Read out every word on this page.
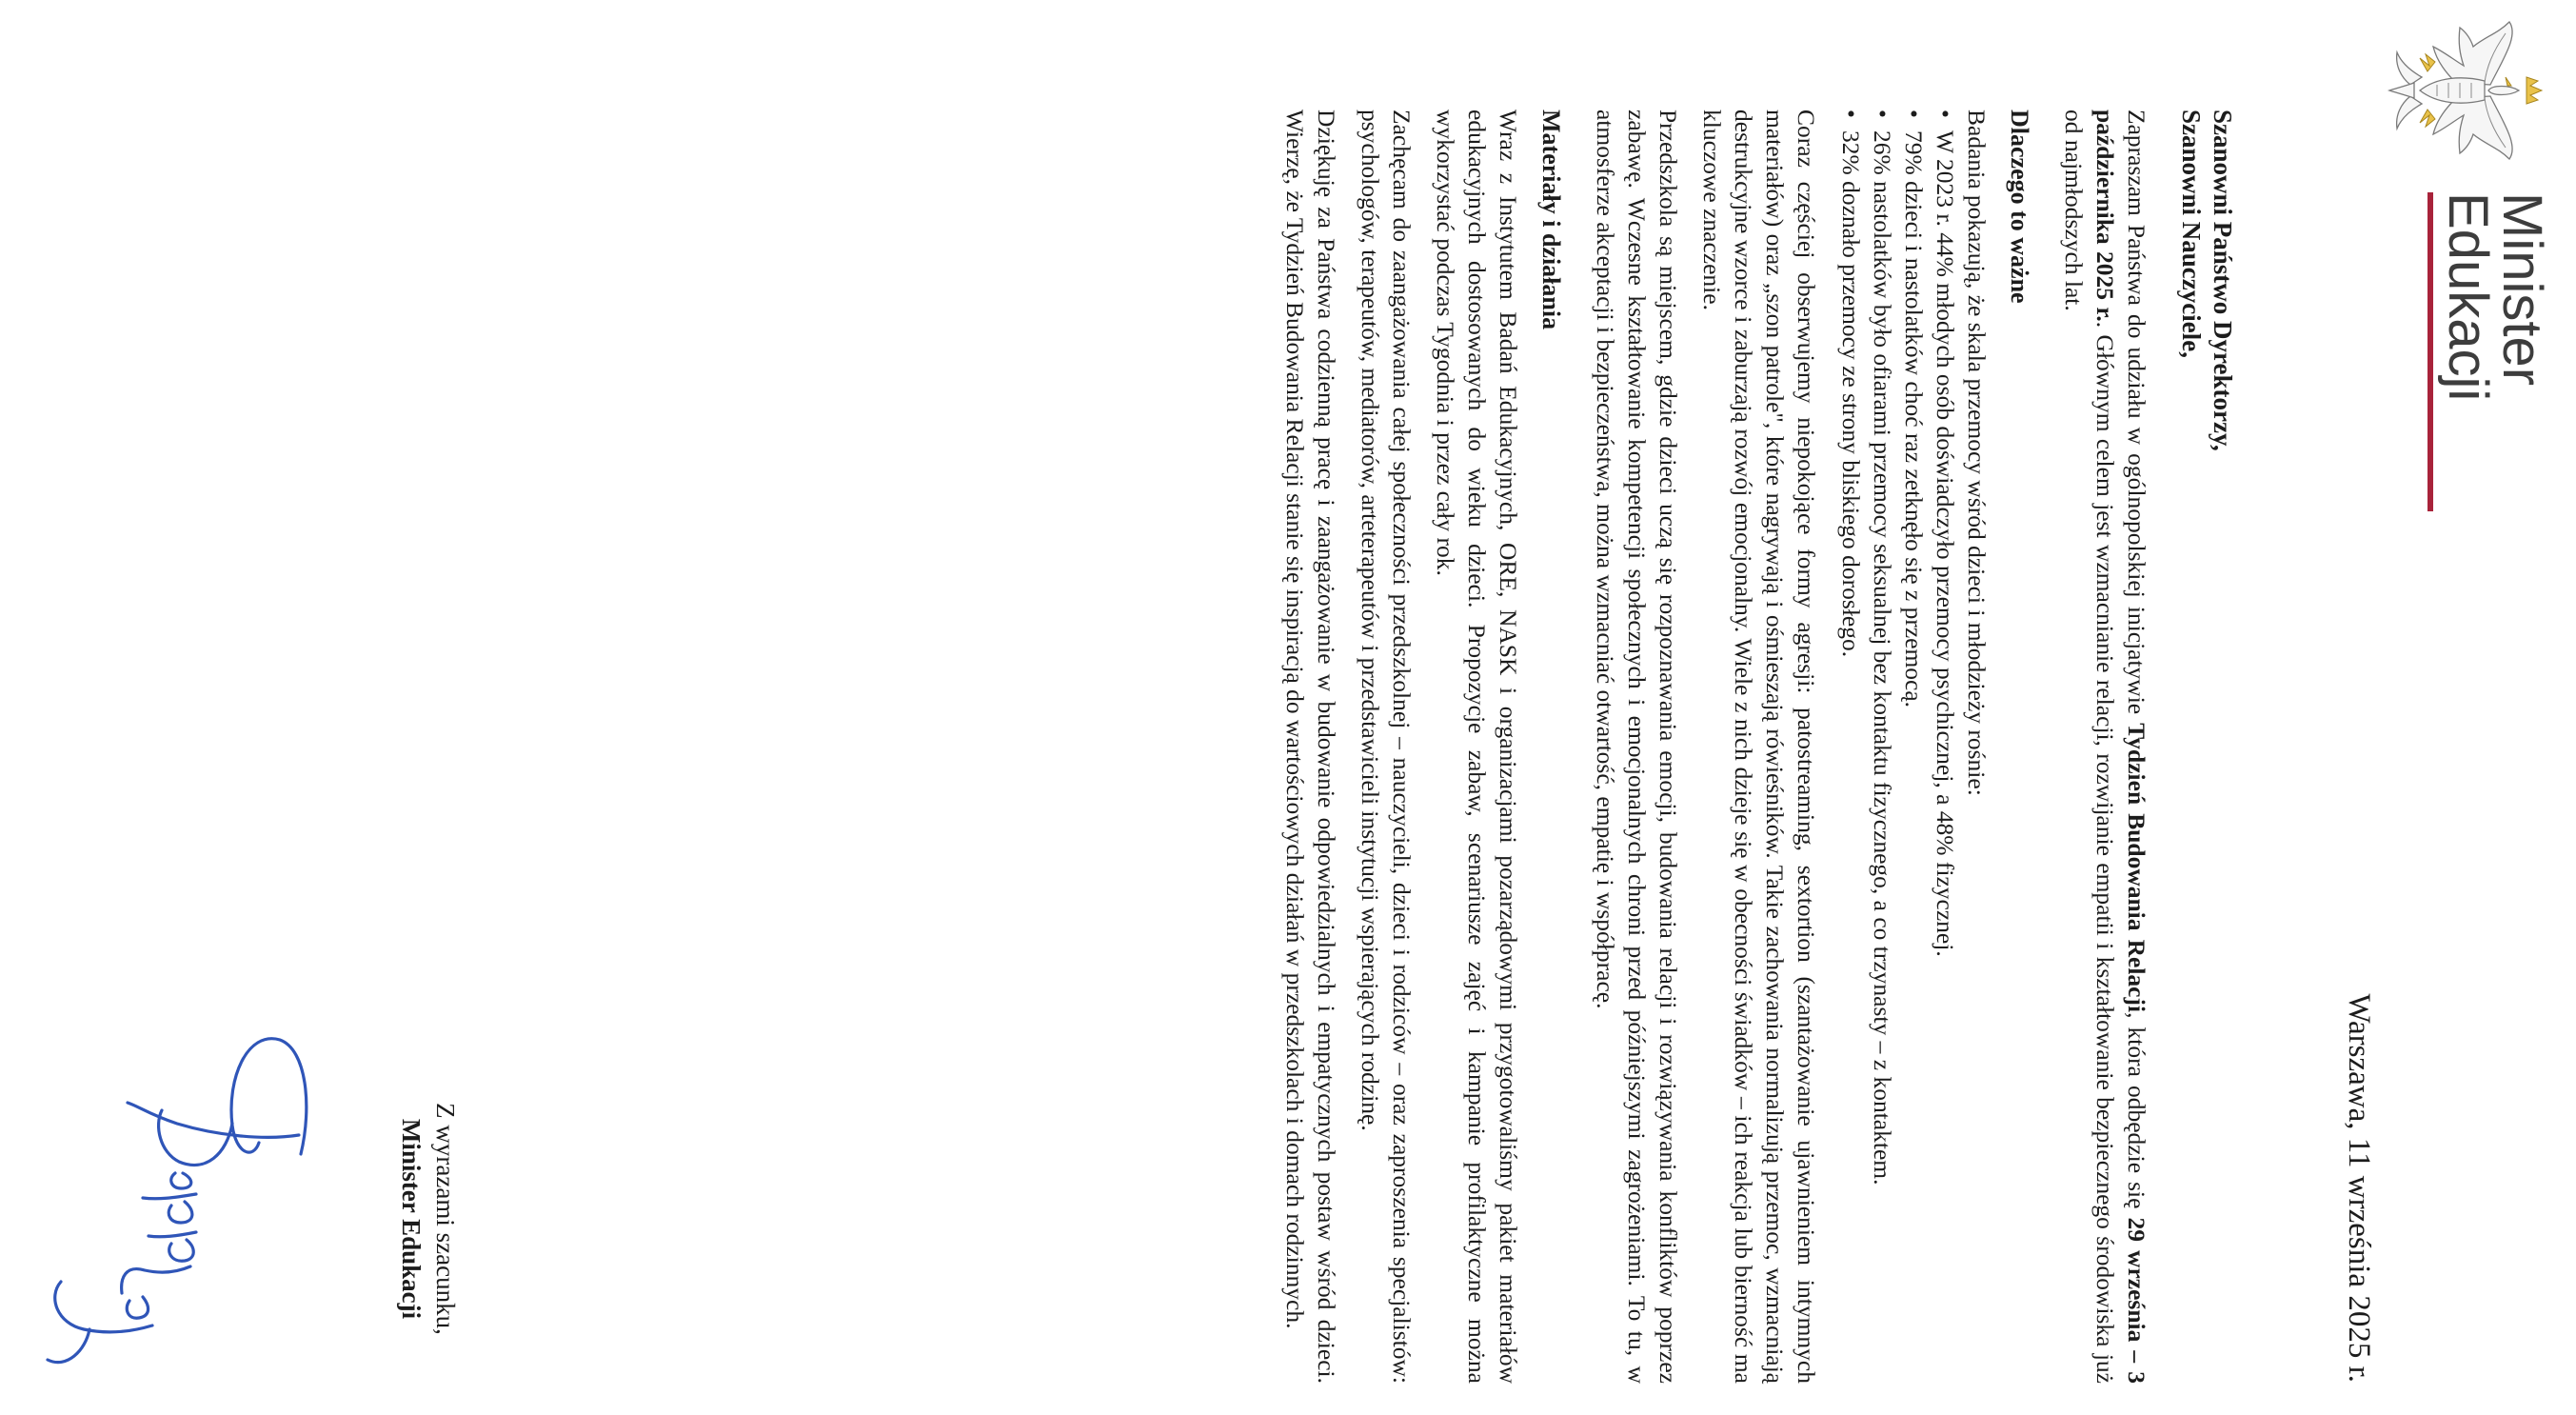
Minister
Edukacji
Warszawa, 11 września 2025 r.

Szanowni Państwo Dyrektorzy,

Szanowni Nauczyciele,

Zapraszam Państwa do udziału w ogólnopolskiej inicjatywie Tydzień Budowania Relacji, która odbędzie się 29 września – 3 października 2025 r.. Głównym celem jest wzmacnianie relacji, rozwijanie empatii i kształtowanie bezpiecznego środowiska już od najmłodszych lat.

Dlaczego to ważne

Badania pokazują, że skala przemocy wśród dzieci i młodzieży rośnie:

• W 2023 r. 44% młodych osób doświadczyło przemocy psychicznej, a 48% fizycznej.
• 79% dzieci i nastolatków choć raz zetknęło się z przemocą.
• 26% nastolatków było ofiarami przemocy seksualnej bez kontaktu fizycznego, a co trzynasty – z kontaktem.
• 32% doznało przemocy ze strony bliskiego dorosłego.

Coraz częściej obserwujemy niepokojące formy agresji: patostreaming, sextortion (szantażowanie ujawnieniem intymnych materiałów) oraz „szon patrole", które nagrywają i ośmieszają rówieśników. Takie zachowania normalizują przemoc, wzmacniają destrukcyjne wzorce i zaburzają rozwój emocjonalny. Wiele z nich dzieje się w obecności świadków – ich reakcja lub bierność ma kluczowe znaczenie.

Przedszkola są miejscem, gdzie dzieci uczą się rozpoznawania emocji, budowania relacji i rozwiązywania konfliktów poprzez zabawę. Wczesne kształtowanie kompetencji społecznych i emocjonalnych chroni przed późniejszymi zagrożeniami. To tu, w atmosferze akceptacji i bezpieczeństwa, można wzmacniać otwartość, empatię i współpracę.

Materiały i działania

Wraz z Instytutem Badań Edukacyjnych, ORE, NASK i organizacjami pozarządowymi przygotowaliśmy pakiet materiałów edukacyjnych dostosowanych do wieku dzieci. Propozycje zabaw, scenariusze zajęć i kampanie profilaktyczne można wykorzystać podczas Tygodnia i przez cały rok.

Zachęcam do zaangażowania całej społeczności przedszkolnej – nauczycieli, dzieci i rodziców – oraz zaproszenia specjalistów: psychologów, terapeutów, mediatorów, arteterapeutów i przedstawicieli instytucji wspierających rodzinę.

Dziękuję za Państwa codzienną pracę i zaangażowanie w budowanie odpowiedzialnych i empatycznych postaw wśród dzieci. Wierzę, że Tydzień Budowania Relacji stanie się inspiracją do wartościowych działań w przedszkolach i domach rodzinnych.

Z wyrazami szacunku,
Minister Edukacji
